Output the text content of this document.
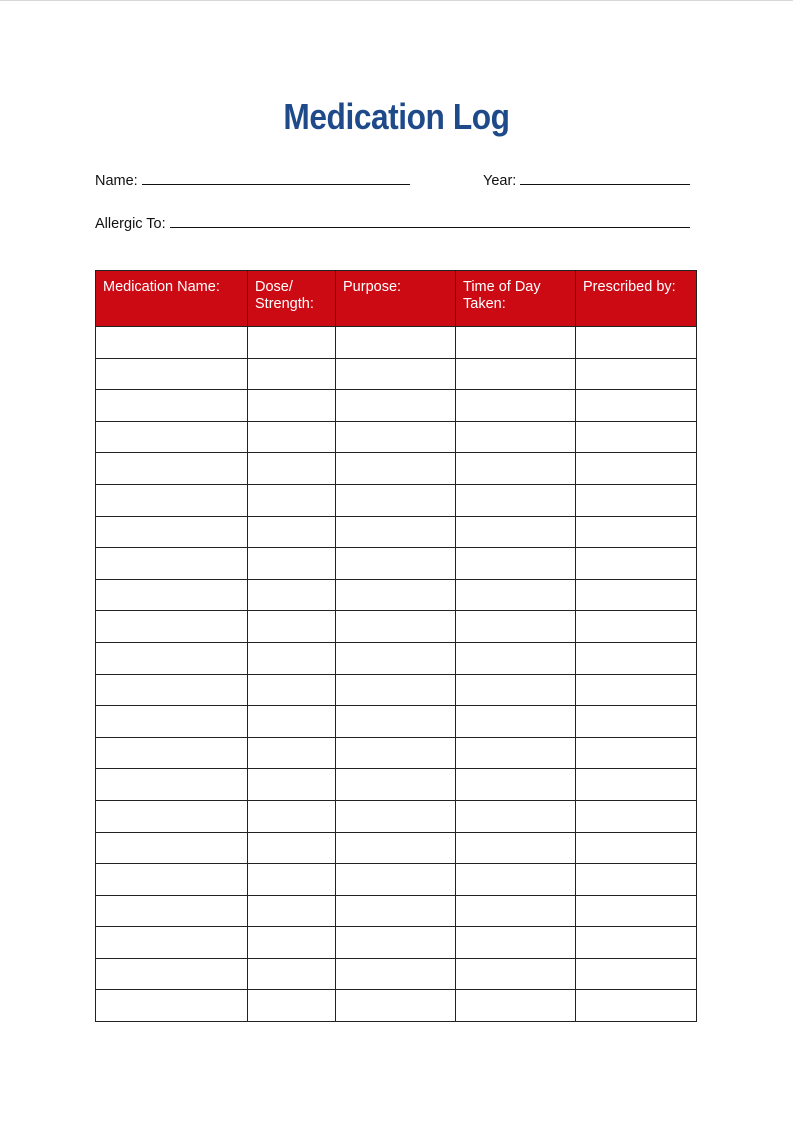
Medication Log
Name:	Year:
Allergic To:
Medication Name:	Dose/ Strength:	Purpose:	Time of Day Taken:	Prescribed by:
